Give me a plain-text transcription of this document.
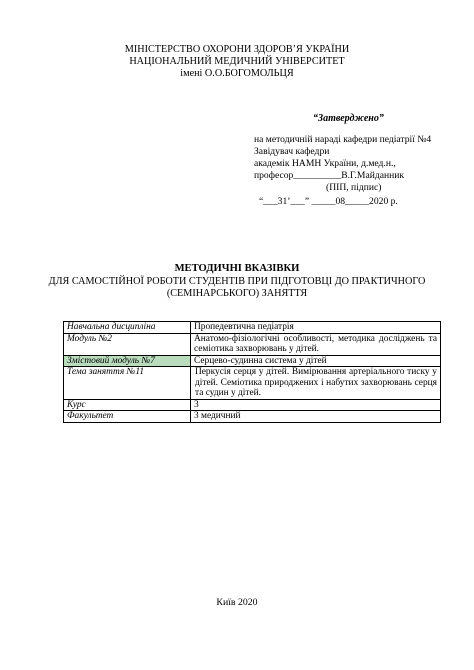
МІНІСТЕРСТВО ОХОРОНИ ЗДОРОВ’Я УКРАЇНИ
НАЦІОНАЛЬНИЙ МЕДИЧНИЙ УНІВЕРСИТЕТ
імені О.О.БОГОМОЛЬЦЯ
“Затверджено”
на методичній нараді кафедри педіатрії №4
Завідувач кафедри
академік НАМН України, д.мед.н.,
професор__________В.Г.Майданник
(ПІП, підпис)
“___31’___” _____08_____2020 р.
МЕТОДИЧНІ ВКАЗІВКИ
ДЛЯ САМОСТІЙНОЇ РОБОТИ СТУДЕНТІВ ПРИ ПІДГОТОВЦІ ДО ПРАКТИЧНОГО
(СЕМІНАРСЬКОГО) ЗАНЯТТЯ
Навчальна дисципліна	Пропедевтична педіатрія
Модуль №2	Анатомо-фізіологічні особливості, методика досліджень та семіотика захворювань у дітей.
Змістовий модуль №7	Серцево-судинна система у дітей
Тема заняття №11	Перкусія серця у дітей. Вимірювання артеріального тиску у дітей. Семіотика природжених і набутих захворювань серця та судин у дітей.
Курс	3
Факультет	3 медичний
Київ 2020
